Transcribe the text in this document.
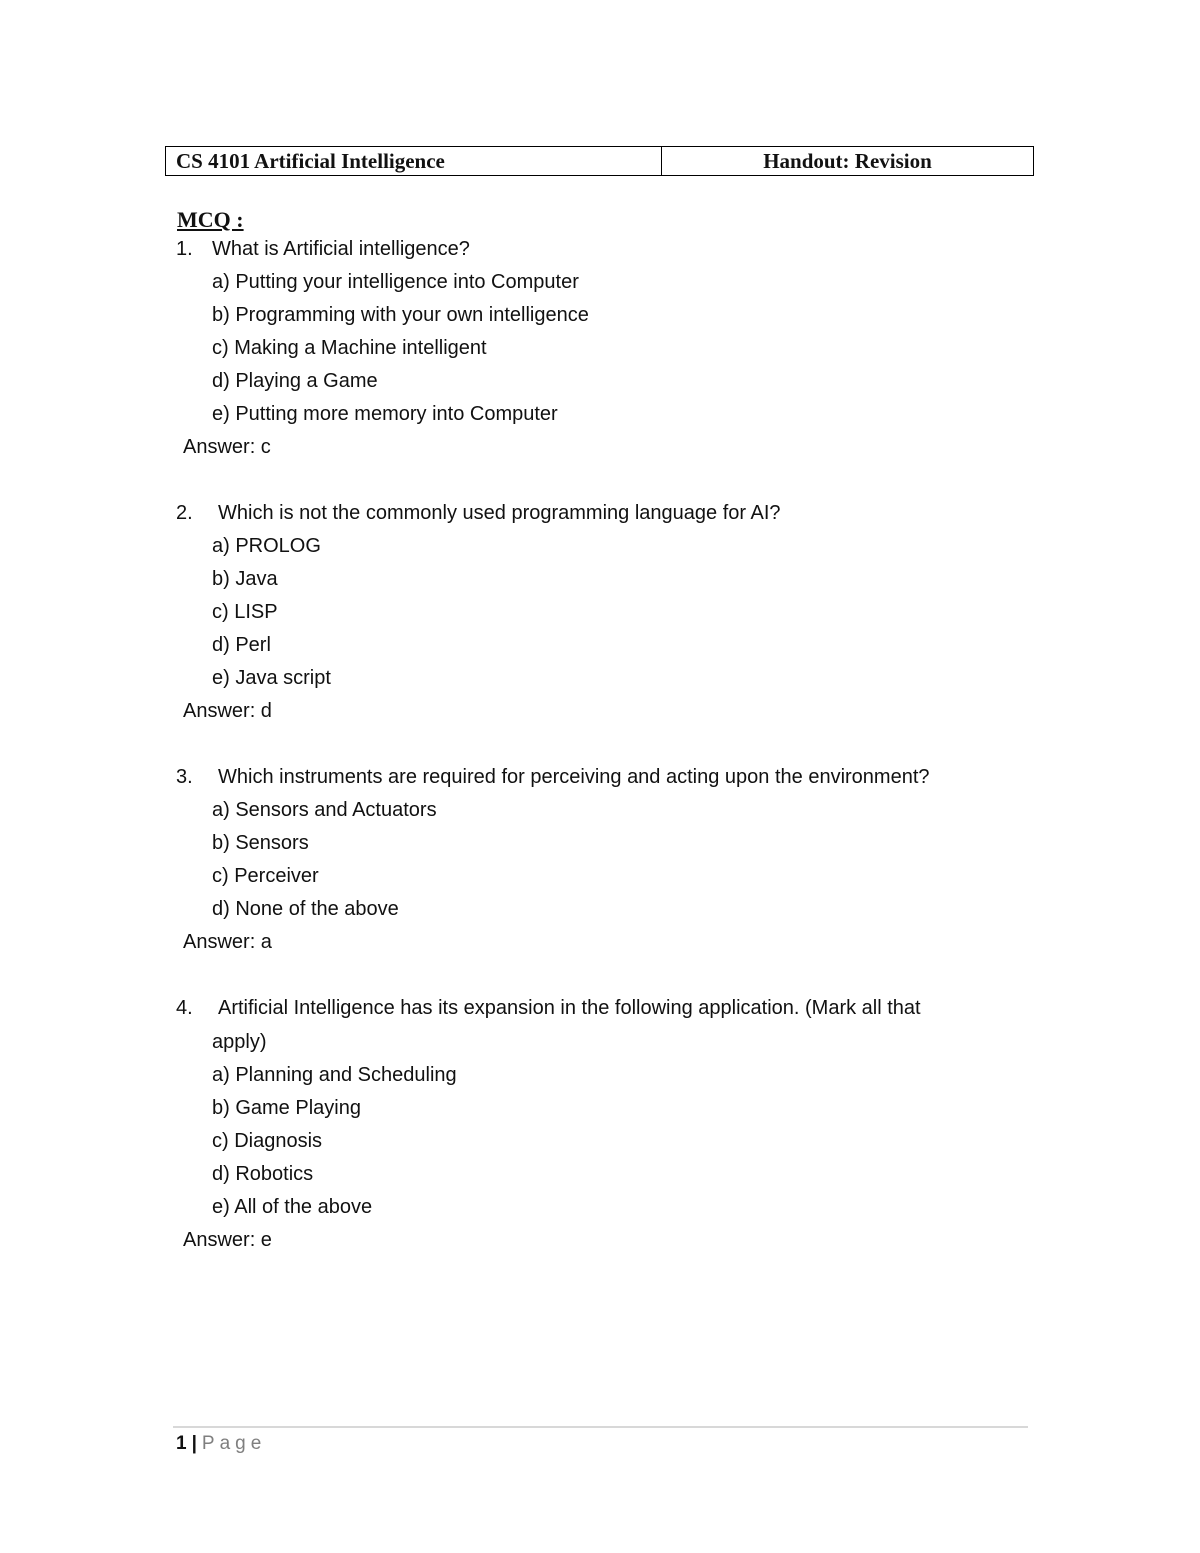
CS 4101 Artificial Intelligence	Handout: Revision
MCQ :
1. What is Artificial intelligence?
a) Putting your intelligence into Computer
b) Programming with your own intelligence
c) Making a Machine intelligent
d) Playing a Game
e) Putting more memory into Computer
Answer: c
2. Which is not the commonly used programming language for AI?
a) PROLOG
b) Java
c) LISP
d) Perl
e) Java script
Answer: d
3. Which instruments are required for perceiving and acting upon the environment?
a) Sensors and Actuators
b) Sensors
c) Perceiver
d) None of the above
Answer: a
4. Artificial Intelligence has its expansion in the following application. (Mark all that
apply)
a) Planning and Scheduling
b) Game Playing
c) Diagnosis
d) Robotics
e) All of the above
Answer: e
1 | Page
